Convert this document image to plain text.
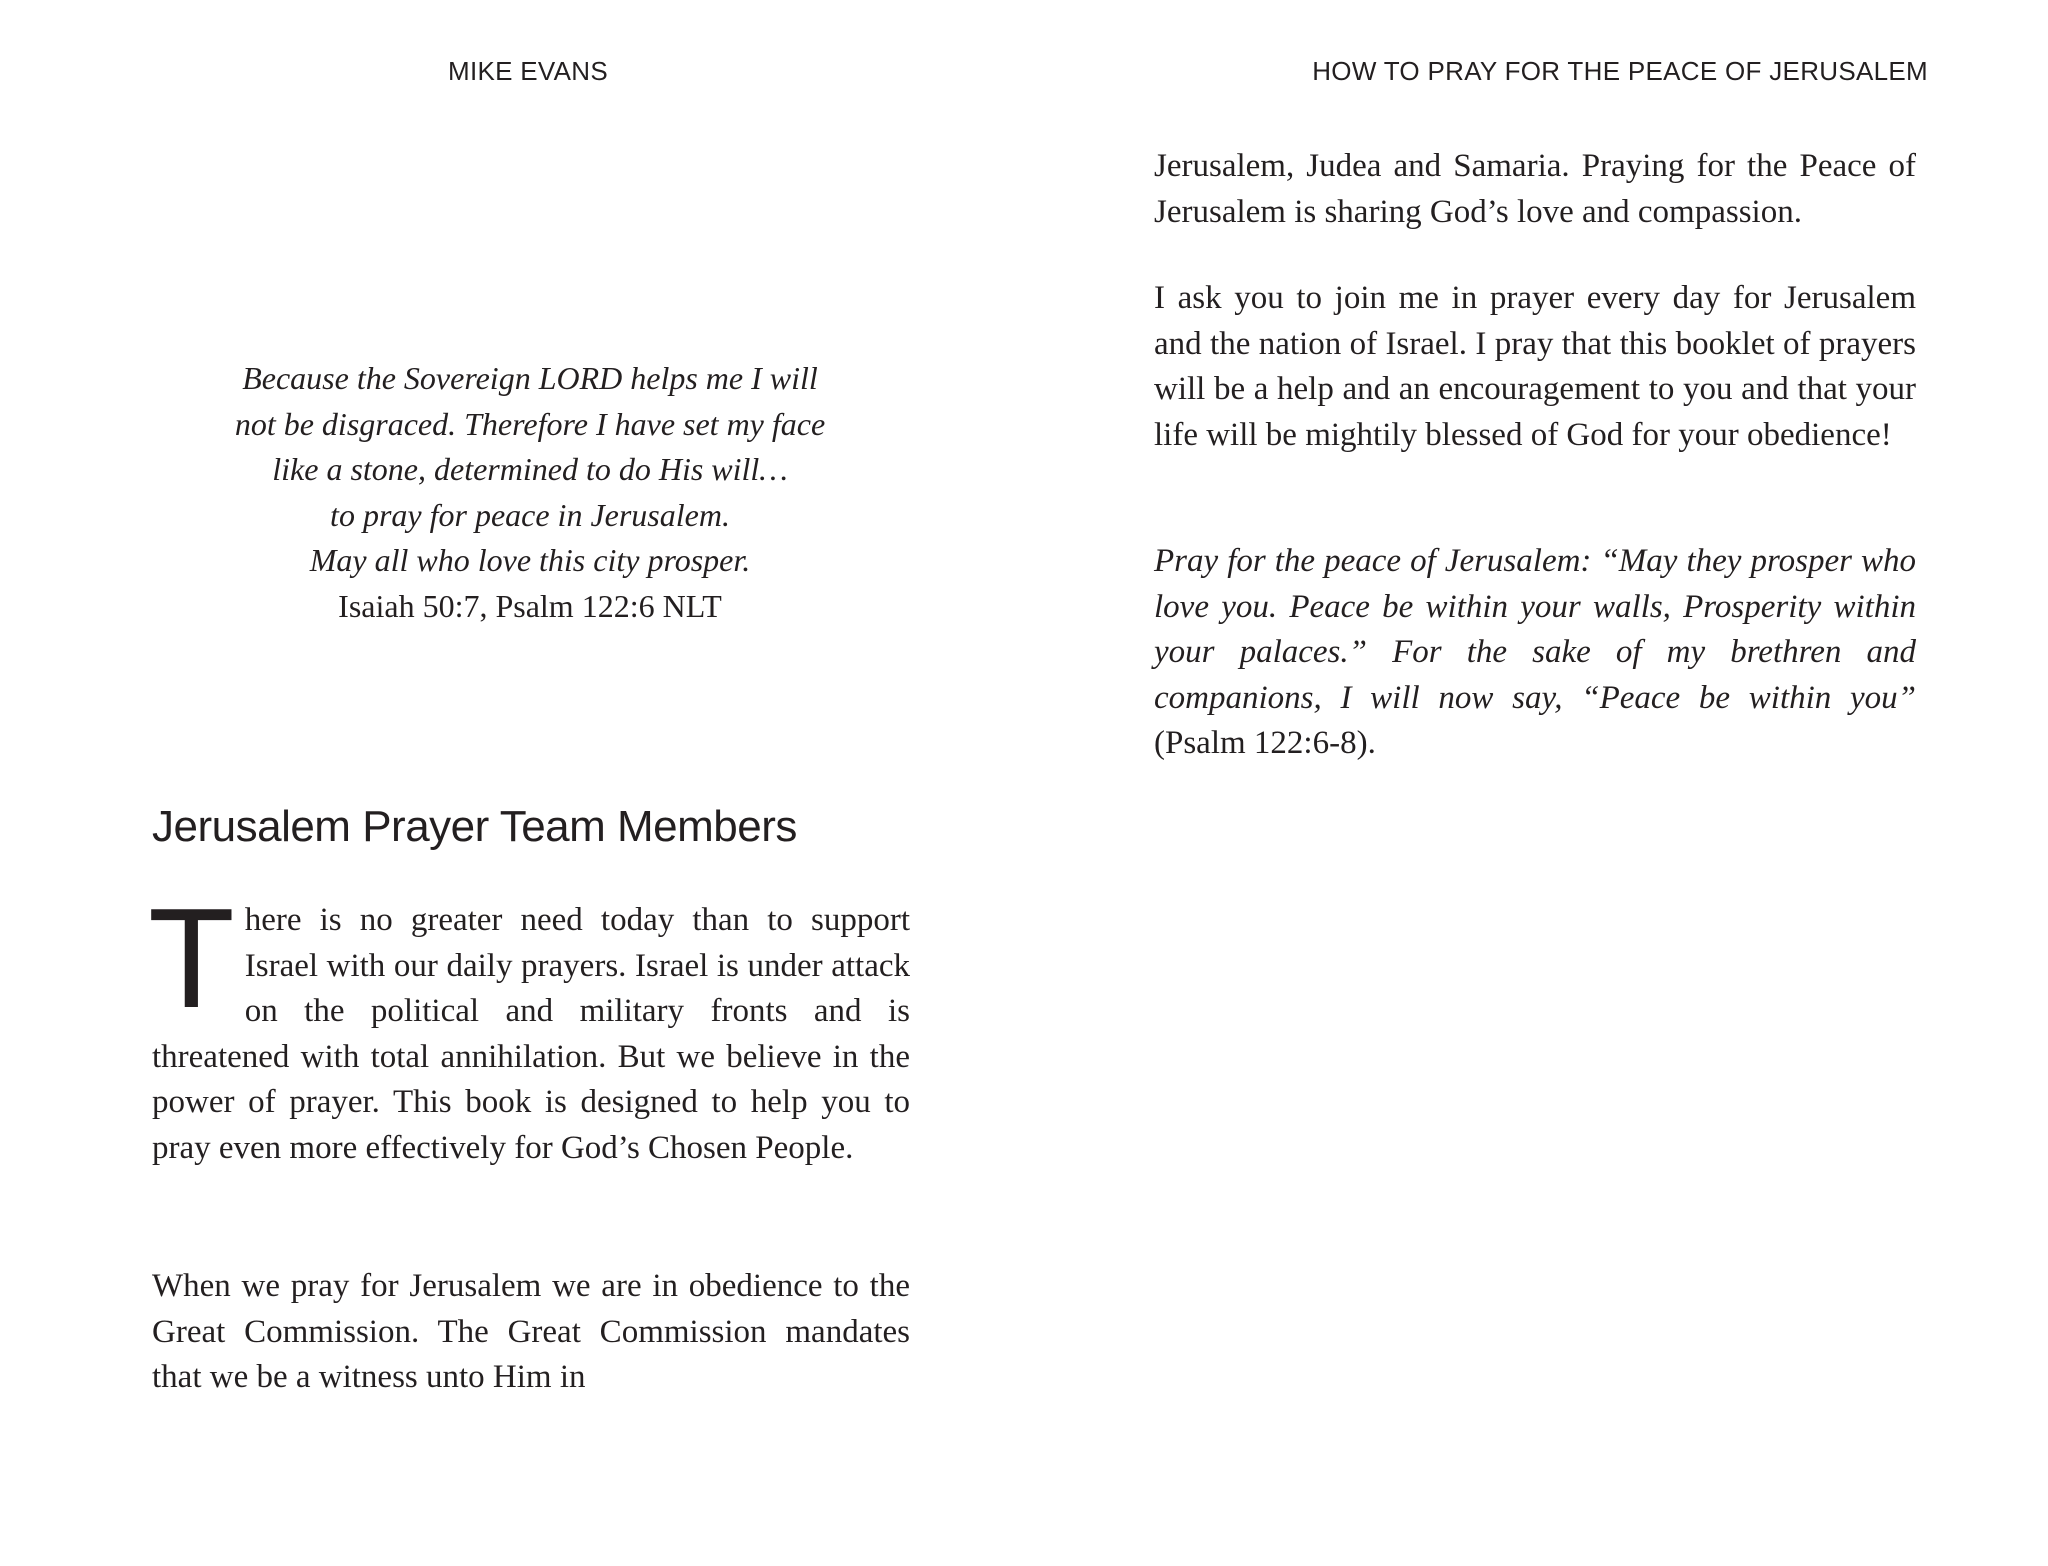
MIKE EVANS
Because the Sovereign LORD helps me I will
not be disgraced. Therefore I have set my face
like a stone, determined to do His will…
to pray for peace in Jerusalem.
May all who love this city prosper.
Isaiah 50:7, Psalm 122:6 NLT
Jerusalem Prayer Team Members

There is no greater need today than to support Israel with our daily prayers. Israel is under attack on the political and military fronts and is threatened with total annihilation. But we believe in the power of prayer. This book is designed to help you to pray even more effectively for God’s Chosen People.

When we pray for Jerusalem we are in obedience to the Great Commission. The Great Commission mandates that we be a witness unto Him in

HOW TO PRAY FOR THE PEACE OF JERUSALEM

Jerusalem, Judea and Samaria. Praying for the Peace of Jerusalem is sharing God’s love and compassion.

I ask you to join me in prayer every day for Jerusalem and the nation of Israel. I pray that this booklet of prayers will be a help and an encouragement to you and that your life will be mightily blessed of God for your obedience!

Pray for the peace of Jerusalem: “May they prosper who love you. Peace be within your walls, Prosperity within your palaces.” For the sake of my brethren and companions, I will now say, “Peace be within you” (Psalm 122:6-8).
